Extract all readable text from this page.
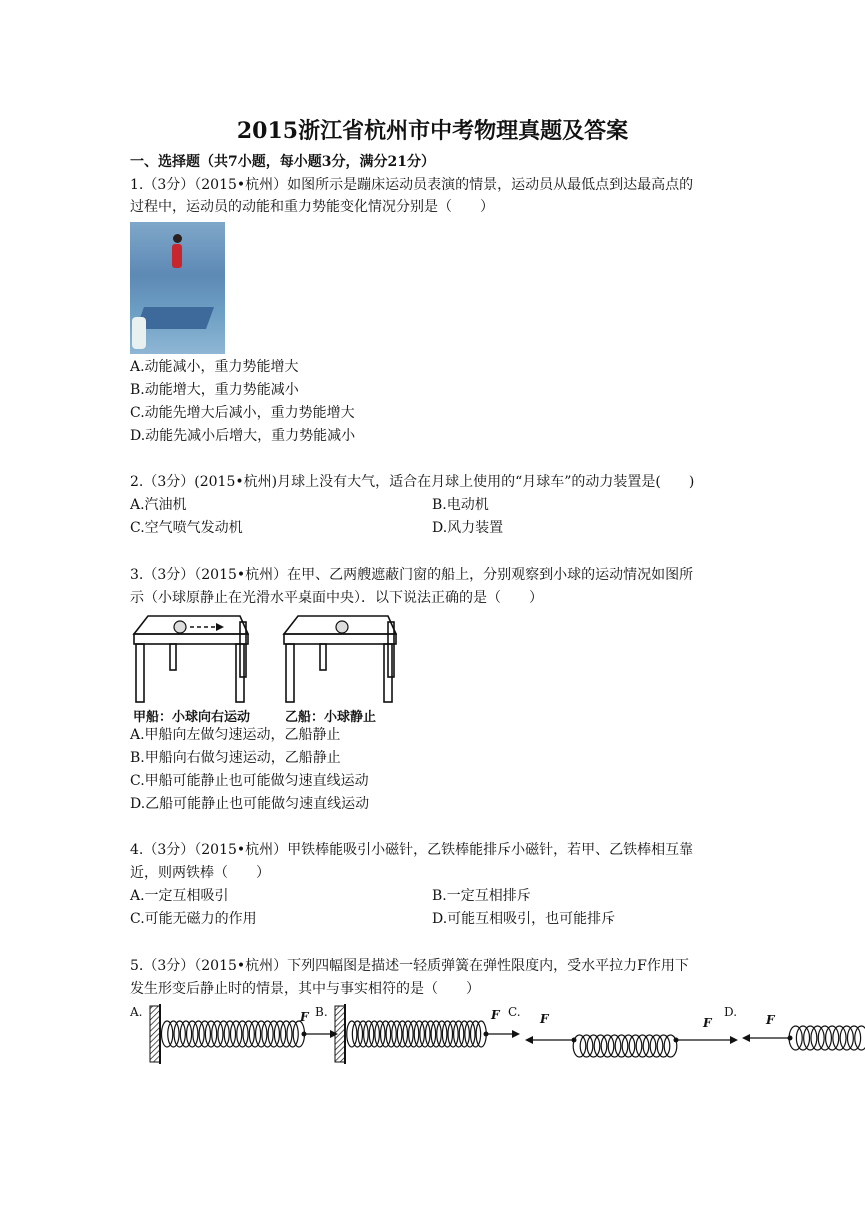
2015浙江省杭州市中考物理真题及答案
一、选择题（共7小题，每小题3分，满分21分）
1.（3分）（2015•杭州）如图所示是蹦床运动员表演的情景，运动员从最低点到达最高点的
过程中，运动员的动能和重力势能变化情况分别是（　　）
A.动能减小，重力势能增大
B.动能增大，重力势能减小
C.动能先增大后减小，重力势能增大
D.动能先减小后增大，重力势能减小
2.（3分）(2015•杭州)月球上没有大气，适合在月球上使用的“月球车”的动力装置是(　　)
A.汽油机	B.电动机
C.空气喷气发动机	D.风力装置
3.（3分）（2015•杭州）在甲、乙两艘遮蔽门窗的船上，分别观察到小球的运动情况如图所
示（小球原静止在光滑水平桌面中央）．以下说法正确的是（　　）
甲船：小球向右运动	乙船：小球静止
A.甲船向左做匀速运动，乙船静止
B.甲船向右做匀速运动，乙船静止
C.甲船可能静止也可能做匀速直线运动
D.乙船可能静止也可能做匀速直线运动
4.（3分）（2015•杭州）甲铁棒能吸引小磁针，乙铁棒能排斥小磁针，若甲、乙铁棒相互靠
近，则两铁棒（　　）
A.一定互相吸引	B.一定互相排斥
C.可能无磁力的作用	D.可能互相吸引，也可能排斥
5.（3分）（2015•杭州）下列四幅图是描述一轻质弹簧在弹性限度内，受水平拉力F作用下
发生形变后静止时的情景，其中与事实相符的是（　　）
A.	B.	C.	D.
F	F	F	F	F
